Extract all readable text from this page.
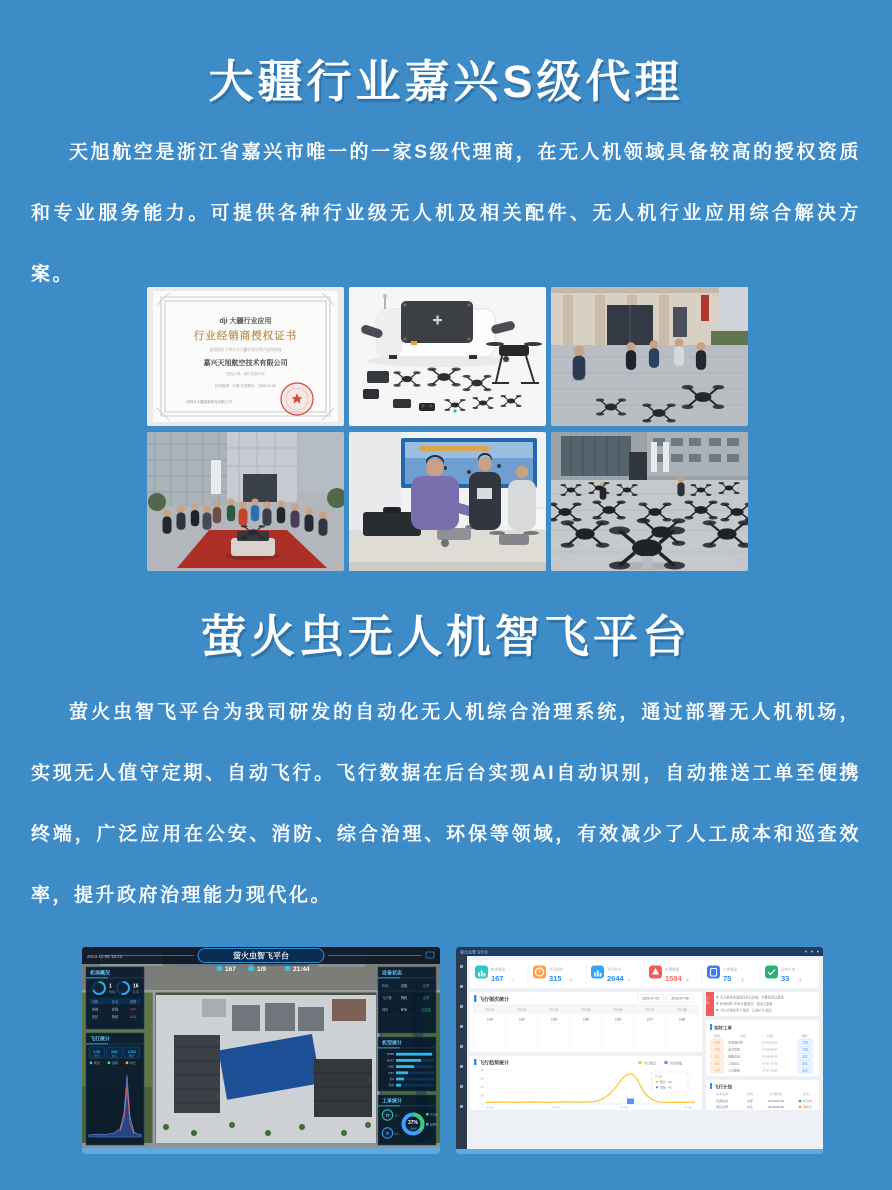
大疆行业嘉兴S级代理

天旭航空是浙江省嘉兴市唯一的一家S级代理商，在无人机领域具备较高的授权资质和专业服务能力。可提供各种行业级无人机及相关配件、无人机行业应用综合解决方案。

dji 大疆行业应用
行业经销商授权证书
兹授权以下单位为大疆行业应用产品经销商
嘉兴天旭航空技术有限公司
授权区域：浙江省嘉兴市
授权级别：S 级 有效期至：2024-12-31
深圳市大疆创新科技有限公司
萤火虫无人机智飞平台

萤火虫智飞平台为我司研发的自动化无人机综合治理系统，通过部署无人机机场，实现无人值守定期、自动飞行。飞行数据在后台实现AI自动识别，自动推送工单至便携终端，广泛应用在公安、消防、综合治理、环保等领域，有效减少了人工成本和巡查效率，提升政府治理能力现代化。

萤火虫智飞平台
2023-11-08 16:12
167	1/9	21:44
机场概况
1
机场
16
任务
名称	状态	里程
本部	在线	4.57
东区	待机	4.63
飞行统计
128
今日
346
本月
1260
累计
架次	里程	时长
设备状态
机场	在线	正常
飞行器	待机	正常
网络	RTK	已连接
机型统计
M350
M30T
M3E
M3T
御3
其他
工单统计
15 今日
8 待办
37%
完成率
已完成
处理中
萤火虫智飞平台
机场数量
167	个
今日架次
315	次
飞行时长
2644 h
告警数量
1584 条
工单数量
75	条
已结工单
33	条
飞行架次统计	2023-07-02	2023-07-08
07-02	07-03	07-04	07-05	07-06	07-07	07-08
134	197	193	190	193	217	198
飞行趋势统计	今日架次	历史均值
40
30
20
10
0
06-26	07-01	07-05	07-08
07-08
架次：36
里程：42
公告	无人机机场巡检任务已完成，告警信息已推送
机场固件 OTA 升级成功，版本已更新
今日计划任务 7 架次，已执行 5 架次
实时工单
类型	内容	时间	操作
告警	河道漂浮物	07-08 09:12	详情
告警	违章搭建	07-08 08:47	详情
巡检	道路巡查	07-08 08:15	派发
巡检	工地扬尘	07-07 17:32	派发
告警	人员聚集	07-07 16:03	派发
飞行计划
任务名称	机场	计划时间	状态
河道巡查	本部	07:00-07:30	执行中
园区巡逻	东区	09:00-09:30	待执行
